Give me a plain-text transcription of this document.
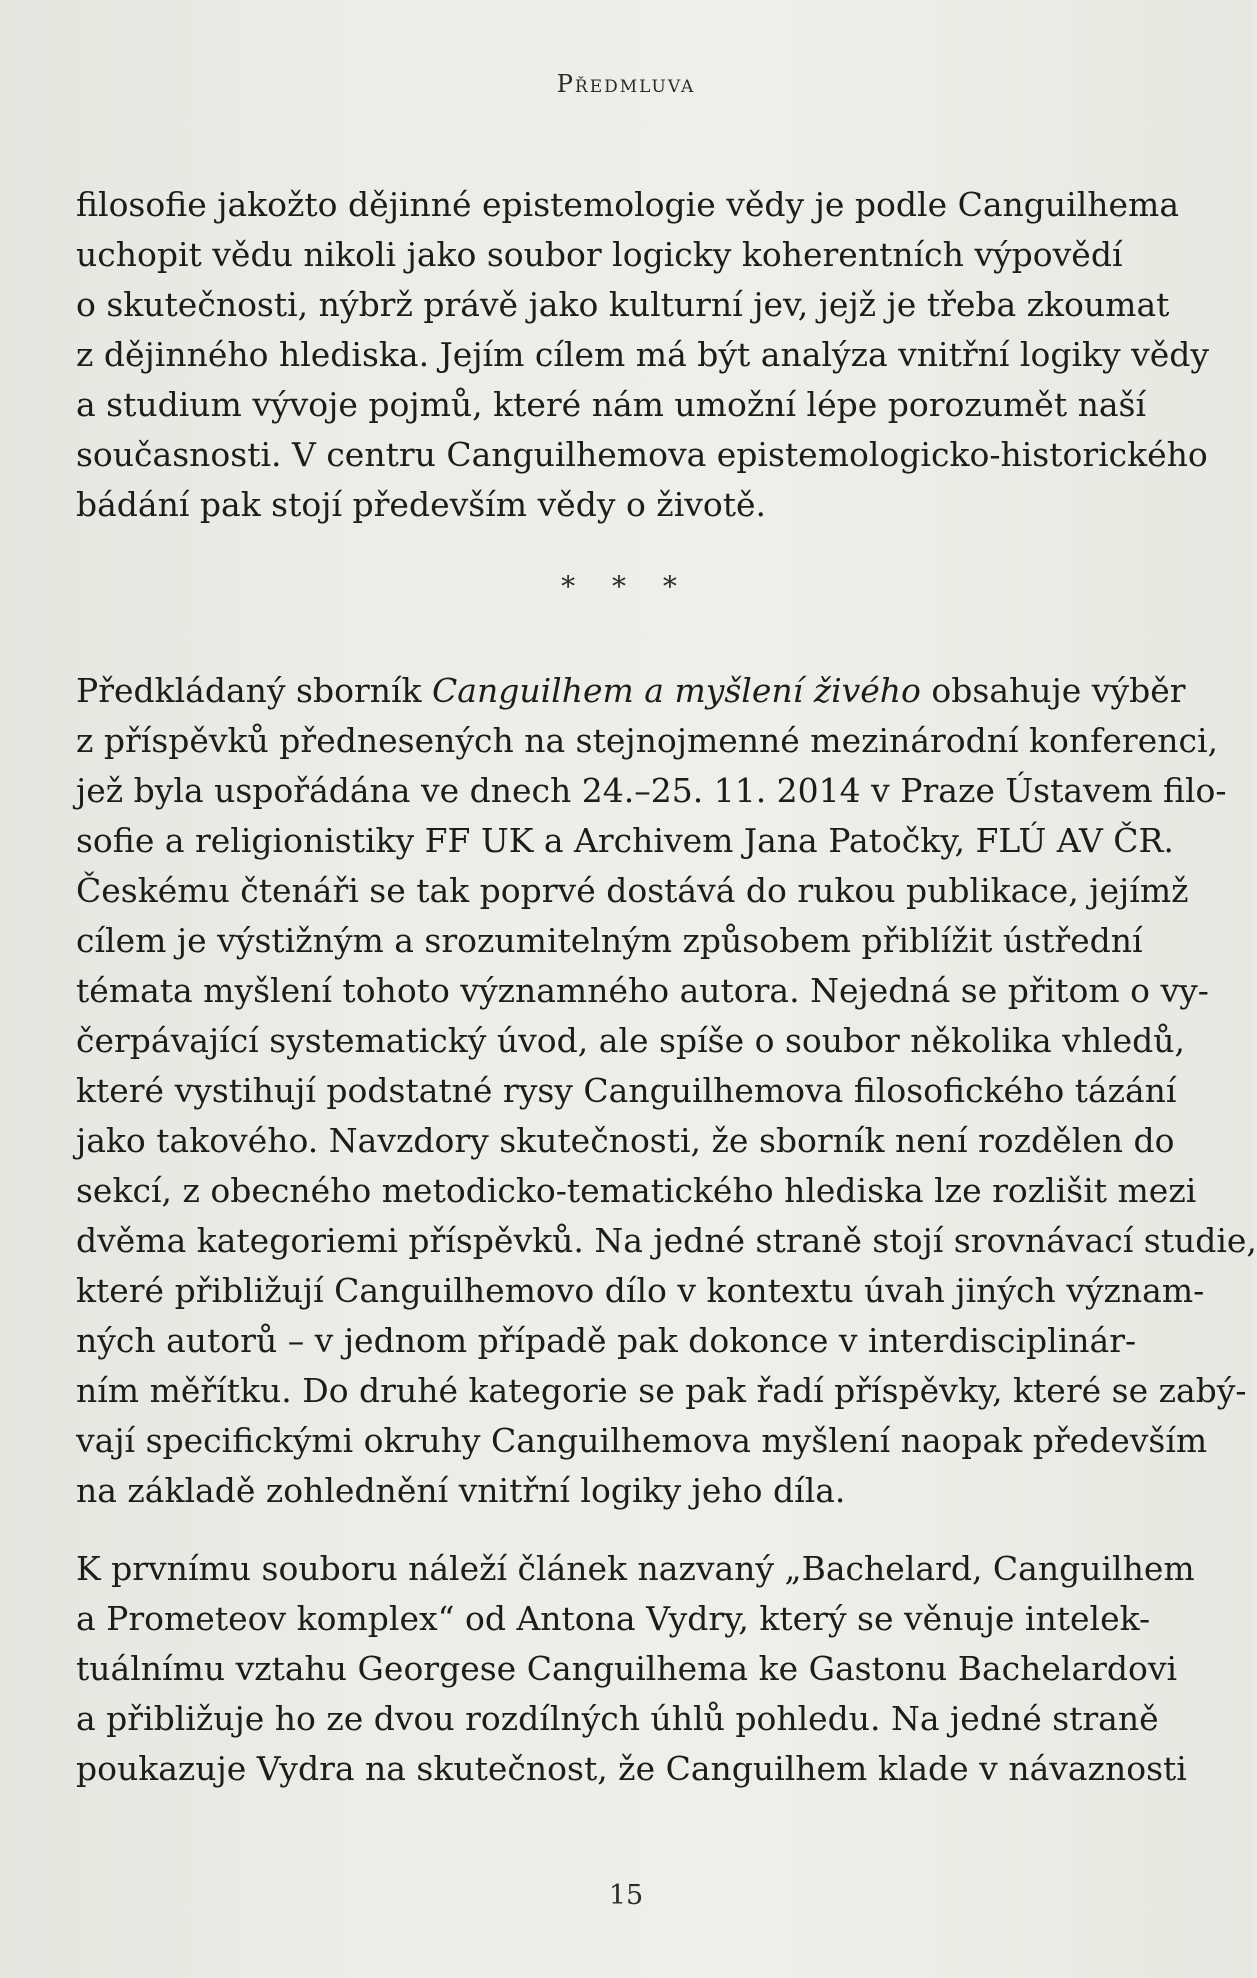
Předmluva

filosofie jakožto dějinné epistemologie vědy je podle Canguilhema
uchopit vědu nikoli jako soubor logicky koherentních výpovědí
o skutečnosti, nýbrž právě jako kulturní jev, jejž je třeba zkoumat
z dějinného hlediska. Jejím cílem má být analýza vnitřní logiky vědy
a studium vývoje pojmů, které nám umožní lépe porozumět naší
současnosti. V centru Canguilhemova epistemologicko-historického
bádání pak stojí především vědy o životě.

* * *

Předkládaný sborník Canguilhem a myšlení živého obsahuje výběr
z příspěvků přednesených na stejnojmenné mezinárodní konferenci,
jež byla uspořádána ve dnech 24.–25. 11. 2014 v Praze Ústavem filo-
sofie a religionistiky FF UK a Archivem Jana Patočky, FLÚ AV ČR.
Českému čtenáři se tak poprvé dostává do rukou publikace, jejímž
cílem je výstižným a srozumitelným způsobem přiblížit ústřední
témata myšlení tohoto významného autora. Nejedná se přitom o vy-
čerpávající systematický úvod, ale spíše o soubor několika vhledů,
které vystihují podstatné rysy Canguilhemova filosofického tázání
jako takového. Navzdory skutečnosti, že sborník není rozdělen do
sekcí, z obecného metodicko-tematického hlediska lze rozlišit mezi
dvěma kategoriemi příspěvků. Na jedné straně stojí srovnávací studie,
které přibližují Canguilhemovo dílo v kontextu úvah jiných význam-
ných autorů – v jednom případě pak dokonce v interdisciplinár-
ním měřítku. Do druhé kategorie se pak řadí příspěvky, které se zabý-
vají specifickými okruhy Canguilhemova myšlení naopak především
na základě zohlednění vnitřní logiky jeho díla.

K prvnímu souboru náleží článek nazvaný „Bachelard, Canguilhem
a Prometeov komplex“ od Antona Vydry, který se věnuje intelek-
tuálnímu vztahu Georgese Canguilhema ke Gastonu Bachelardovi
a přibližuje ho ze dvou rozdílných úhlů pohledu. Na jedné straně
poukazuje Vydra na skutečnost, že Canguilhem klade v návaznosti

15
